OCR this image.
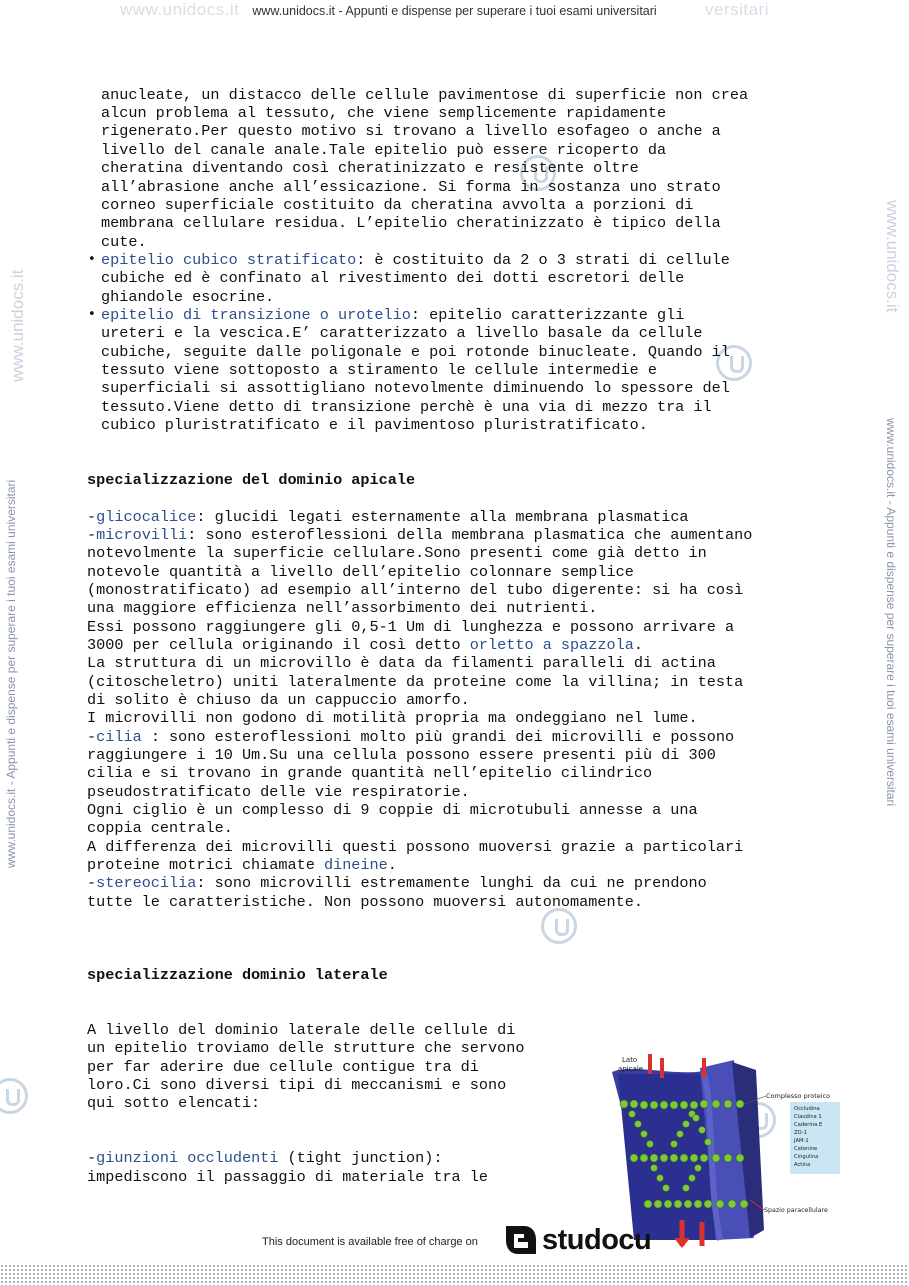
www.unidocs.it	versitari
www.unidocs.it - Appunti e dispense per superare i tuoi esami universitari
www.unidocs.it - Appunti e dispense per superare i tuoi esami universitari
www.unidocs.it
www.unidocs.it - Appunti e dispense per superare i tuoi esami universitari
www.unidocs.it
anucleate, un distacco delle cellule pavimentose di superficie non crea
alcun problema al tessuto, che viene semplicemente rapidamente
rigenerato.Per questo motivo si trovano a livello esofageo o anche a
livello del canale anale.Tale epitelio può essere ricoperto da
cheratina diventando così cheratinizzato e resistente oltre
all’abrasione anche all’essicazione. Si forma in sostanza uno strato
corneo superficiale costituito da cheratina avvolta a porzioni di
membrana cellulare residua. L’epitelio cheratinizzato è tipico della
cute.
• epitelio cubico stratificato: è costituito da 2 o 3 strati di cellule
cubiche ed è confinato al rivestimento dei dotti escretori delle
ghiandole esocrine.
• epitelio di transizione o urotelio: epitelio caratterizzante gli
ureteri e la vescica.E’ caratterizzato a livello basale da cellule
cubiche, seguite dalle poligonale e poi rotonde binucleate. Quando il
tessuto viene sottoposto a stiramento le cellule intermedie e
superficiali si assottigliano notevolmente diminuendo lo spessore del
tessuto.Viene detto di transizione perchè è una via di mezzo tra il
cubico pluristratificato e il pavimentoso pluristratificato.
specializzazione del dominio apicale
-glicocalice: glucidi legati esternamente alla membrana plasmatica
-microvilli: sono esteroflessioni della membrana plasmatica che aumentano
notevolmente la superficie cellulare.Sono presenti come già detto in
notevole quantità a livello dell’epitelio colonnare semplice
(monostratificato) ad esempio all’interno del tubo digerente: si ha così
una maggiore efficienza nell’assorbimento dei nutrienti.
Essi possono raggiungere gli 0,5-1 Um di lunghezza e possono arrivare a
3000 per cellula originando il così detto orletto a spazzola.
La struttura di un microvillo è data da filamenti paralleli di actina
(citoscheletro) uniti lateralmente da proteine come la villina; in testa
di solito è chiuso da un cappuccio amorfo.
I microvilli non godono di motilità propria ma ondeggiano nel lume.
-cilia : sono esteroflessioni molto più grandi dei microvilli e possono
raggiungere i 10 Um.Su una cellula possono essere presenti più di 300
cilia e si trovano in grande quantità nell’epitelio cilindrico
pseudostratificato delle vie respiratorie.
Ogni ciglio è un complesso di 9 coppie di microtubuli annesse a una
coppia centrale.
A differenza dei microvilli questi possono muoversi grazie a particolari
proteine motrici chiamate dineine.
-stereocilia: sono microvilli estremamente lunghi da cui ne prendono
tutte le caratteristiche. Non possono muoversi autonomamente.
specializzazione dominio laterale
A livello del dominio laterale delle cellule di
un epitelio troviamo delle strutture che servono
per far aderire due cellule contigue tra di
loro.Ci sono diversi tipi di meccanismi e sono
qui sotto elencati:
-giunzioni occludenti (tight junction):
impediscono il passaggio di materiale tra le
Lato
apicale
Complesso proteico
Occludina Claudina 1 Caderina E ZO-1 JAM-1 Catenine Cingulina Actina
Spazio paracellulare
This document is available free of charge on studocu
